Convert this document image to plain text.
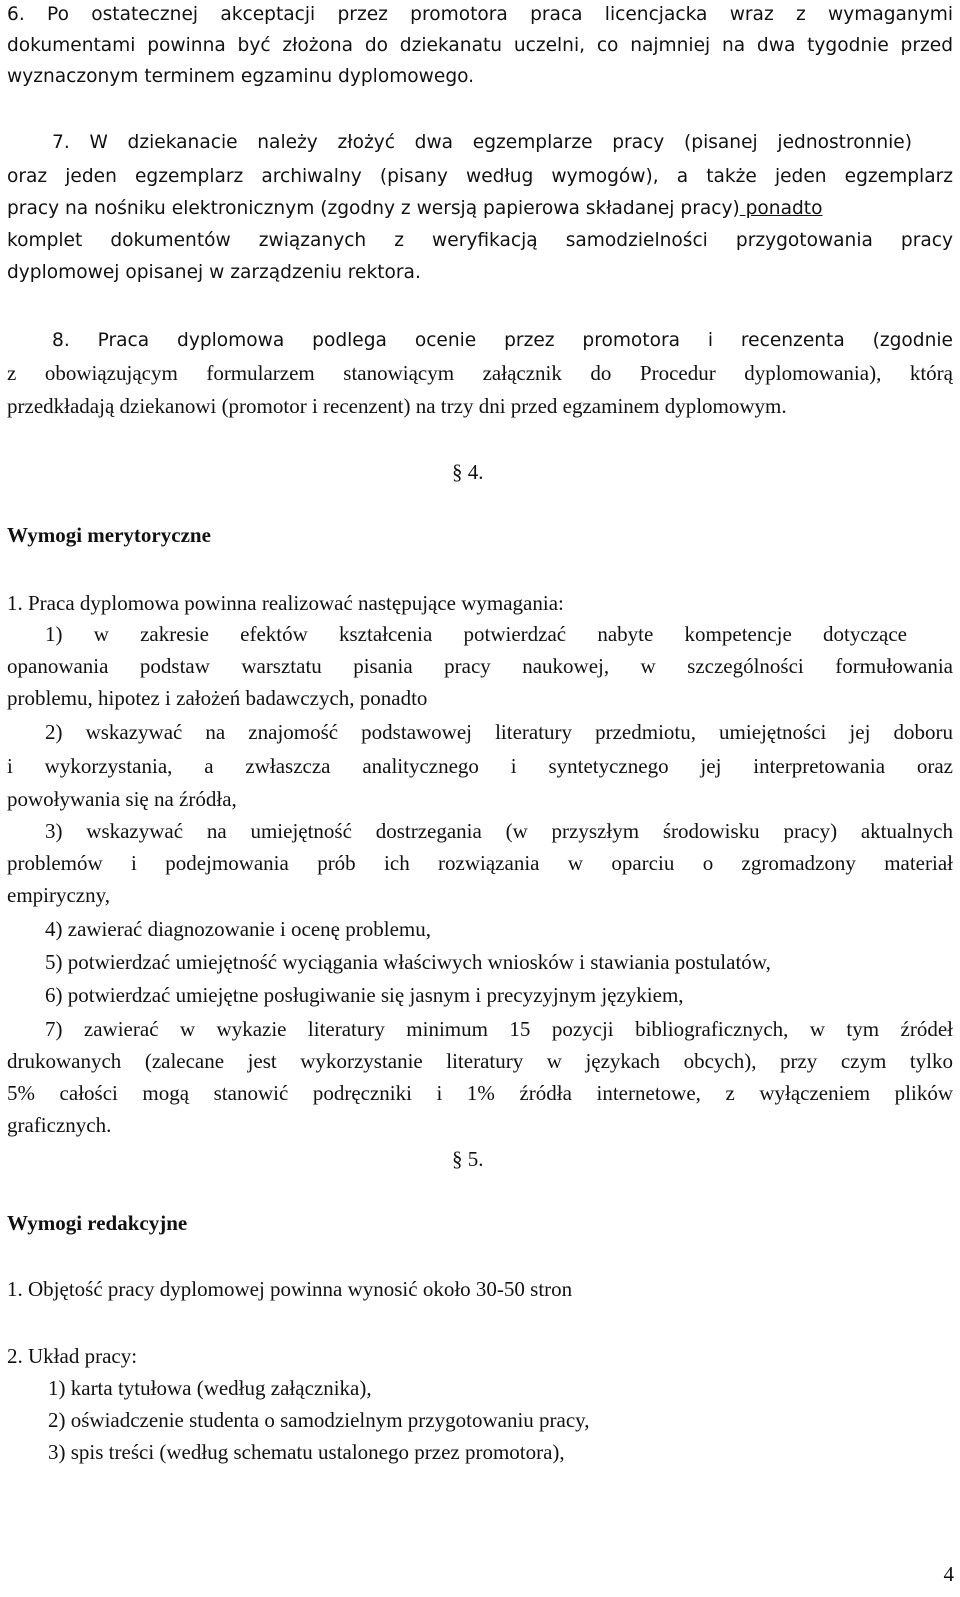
6. Po ostatecznej akceptacji przez promotora praca licencjacka wraz z wymaganymi
dokumentami powinna być złożona do dziekanatu uczelni, co najmniej na dwa tygodnie przed
wyznaczonym terminem egzaminu dyplomowego.
7. W dziekanacie należy złożyć dwa egzemplarze pracy (pisanej jednostronnie)
oraz jeden egzemplarz archiwalny (pisany według wymogów), a także jeden egzemplarz
pracy na nośniku elektronicznym (zgodny z wersją papierowa składanej pracy) ponadto
komplet dokumentów związanych z weryfikacją samodzielności przygotowania pracy
dyplomowej opisanej w zarządzeniu rektora.
8. Praca dyplomowa podlega ocenie przez promotora i recenzenta (zgodnie
z obowiązującym formularzem stanowiącym załącznik do Procedur dyplomowania), którą
przedkładają dziekanowi (promotor i recenzent) na trzy dni przed egzaminem dyplomowym.
§ 4.
Wymogi merytoryczne
1. Praca dyplomowa powinna realizować następujące wymagania:
1) w zakresie efektów kształcenia potwierdzać nabyte kompetencje dotyczące
opanowania podstaw warsztatu pisania pracy naukowej, w szczególności formułowania
problemu, hipotez i założeń badawczych, ponadto
2) wskazywać na znajomość podstawowej literatury przedmiotu, umiejętności jej doboru
i wykorzystania, a zwłaszcza analitycznego i syntetycznego jej interpretowania oraz
powoływania się na źródła,
3) wskazywać na umiejętność dostrzegania (w przyszłym środowisku pracy) aktualnych
problemów i podejmowania prób ich rozwiązania w oparciu o zgromadzony materiał
empiryczny,
4) zawierać diagnozowanie i ocenę problemu,
5) potwierdzać umiejętność wyciągania właściwych wniosków i stawiania postulatów,
6) potwierdzać umiejętne posługiwanie się jasnym i precyzyjnym językiem,
7) zawierać w wykazie literatury minimum 15 pozycji bibliograficznych, w tym źródeł
drukowanych (zalecane jest wykorzystanie literatury w językach obcych), przy czym tylko
5% całości mogą stanowić podręczniki i 1% źródła internetowe, z wyłączeniem plików
graficznych.
§ 5.
Wymogi redakcyjne
1. Objętość pracy dyplomowej powinna wynosić około 30-50 stron
2. Układ pracy:
1) karta tytułowa (według załącznika),
2) oświadczenie studenta o samodzielnym przygotowaniu pracy,
3) spis treści (według schematu ustalonego przez promotora),
4
